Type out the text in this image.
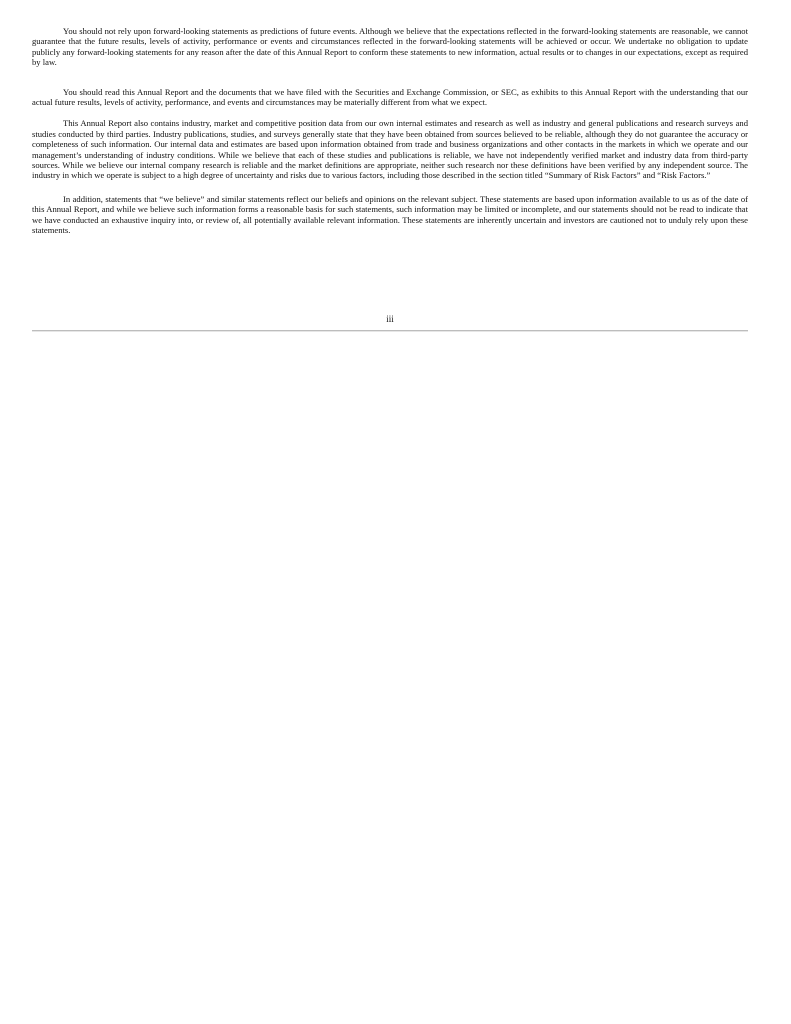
You should not rely upon forward-looking statements as predictions of future events. Although we believe that the expectations reflected in the forward-looking statements are reasonable, we cannot guarantee that the future results, levels of activity, performance or events and circumstances reflected in the forward-looking statements will be achieved or occur. We undertake no obligation to update publicly any forward-looking statements for any reason after the date of this Annual Report to conform these statements to new information, actual results or to changes in our expectations, except as required by law.

You should read this Annual Report and the documents that we have filed with the Securities and Exchange Commission, or SEC, as exhibits to this Annual Report with the understanding that our actual future results, levels of activity, performance, and events and circumstances may be materially different from what we expect.

This Annual Report also contains industry, market and competitive position data from our own internal estimates and research as well as industry and general publications and research surveys and studies conducted by third parties. Industry publications, studies, and surveys generally state that they have been obtained from sources believed to be reliable, although they do not guarantee the accuracy or completeness of such information. Our internal data and estimates are based upon information obtained from trade and business organizations and other contacts in the markets in which we operate and our management’s understanding of industry conditions. While we believe that each of these studies and publications is reliable, we have not independently verified market and industry data from third-party sources. While we believe our internal company research is reliable and the market definitions are appropriate, neither such research nor these definitions have been verified by any independent source. The industry in which we operate is subject to a high degree of uncertainty and risks due to various factors, including those described in the section titled “Summary of Risk Factors” and “Risk Factors.”

In addition, statements that “we believe” and similar statements reflect our beliefs and opinions on the relevant subject. These statements are based upon information available to us as of the date of this Annual Report, and while we believe such information forms a reasonable basis for such statements, such information may be limited or incomplete, and our statements should not be read to indicate that we have conducted an exhaustive inquiry into, or review of, all potentially available relevant information. These statements are inherently uncertain and investors are cautioned not to unduly rely upon these statements.

iii
